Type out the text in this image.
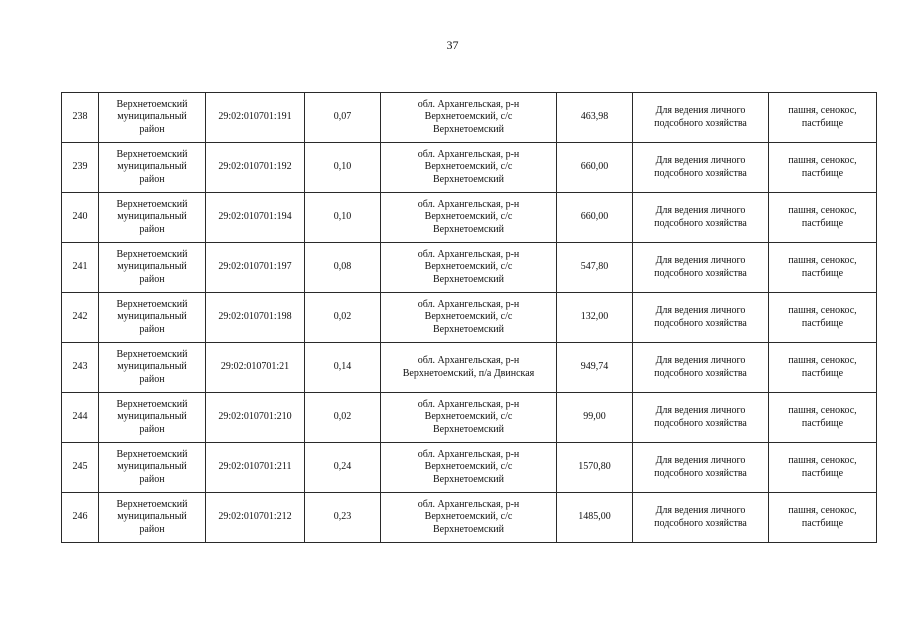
37
238	Верхнетоемский
муниципальный
район	29:02:010701:191	0,07	обл. Архангельская, р-н
Верхнетоемский, с/с
Верхнетоемский	463,98	Для ведения личного
подсобного хозяйства	пашня, сенокос,
пастбище

239	Верхнетоемский
муниципальный
район	29:02:010701:192	0,10	обл. Архангельская, р-н
Верхнетоемский, с/с
Верхнетоемский	660,00	Для ведения личного
подсобного хозяйства	пашня, сенокос,
пастбище

240	Верхнетоемский
муниципальный
район	29:02:010701:194	0,10	обл. Архангельская, р-н
Верхнетоемский, с/с
Верхнетоемский	660,00	Для ведения личного
подсобного хозяйства	пашня, сенокос,
пастбище

241	Верхнетоемский
муниципальный
район	29:02:010701:197	0,08	обл. Архангельская, р-н
Верхнетоемский, с/с
Верхнетоемский	547,80	Для ведения личного
подсобного хозяйства	пашня, сенокос,
пастбище

242	Верхнетоемский
муниципальный
район	29:02:010701:198	0,02	обл. Архангельская, р-н
Верхнетоемский, с/с
Верхнетоемский	132,00	Для ведения личного
подсобного хозяйства	пашня, сенокос,
пастбище

243	Верхнетоемский
муниципальный
район	29:02:010701:21	0,14	обл. Архангельская, р-н
Верхнетоемский, п/а Двинская	949,74	Для ведения личного
подсобного хозяйства	пашня, сенокос,
пастбище

244	Верхнетоемский
муниципальный
район	29:02:010701:210	0,02	обл. Архангельская, р-н
Верхнетоемский, с/с
Верхнетоемский	99,00	Для ведения личного
подсобного хозяйства	пашня, сенокос,
пастбище

245	Верхнетоемский
муниципальный
район	29:02:010701:211	0,24	обл. Архангельская, р-н
Верхнетоемский, с/с
Верхнетоемский	1570,80	Для ведения личного
подсобного хозяйства	пашня, сенокос,
пастбище

246	Верхнетоемский
муниципальный
район	29:02:010701:212	0,23	обл. Архангельская, р-н
Верхнетоемский, с/с
Верхнетоемский	1485,00	Для ведения личного
подсобного хозяйства	пашня, сенокос,
пастбище
